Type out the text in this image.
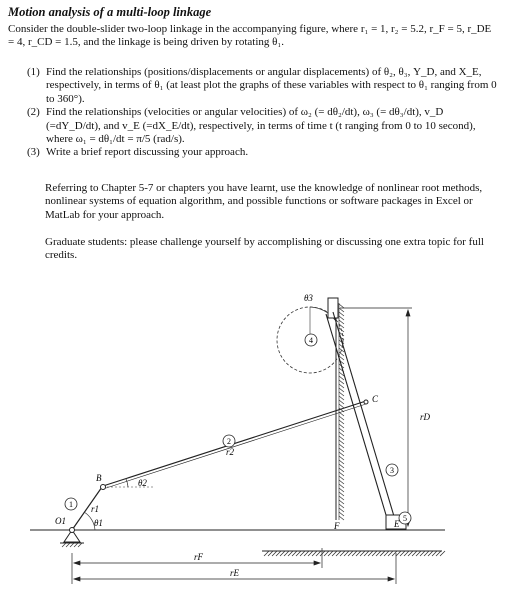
Motion analysis of a multi-loop linkage
Consider the double-slider two-loop linkage in the accompanying figure, where r₁ = 1, r₂ = 5.2, r_F = 5, r_DE = 4, r_CD = 1.5, and the linkage is being driven by rotating θ₁.
(1) Find the relationships (positions/displacements or angular displacements) of θ₂, θ₃, Y_D, and X_E, respectively, in terms of θ₁ (at least plot the graphs of these variables with respect to θ₁ ranging from 0 to 360°).
(2) Find the relationships (velocities or angular velocities) of ω₂ (= dθ₂/dt), ω₃ (= dθ₃/dt), v_D (=dY_D/dt), and v_E (=dX_E/dt), respectively, in terms of time t (t ranging from 0 to 10 second), where ω₁ = dθ₁/dt = π/5 (rad/s).
(3) Write a brief report discussing your approach.
Referring to Chapter 5-7 or chapters you have learnt, use the knowledge of nonlinear root methods, nonlinear systems of equation algorithm, and possible functions or software packages in Excel or MatLab for your approach.
Graduate students: please challenge yourself by accomplishing or discussing one extra topic for full credits.
1
2
3
4
5
θ3
C
rD
r2
B	θ2
r1
θ1
O1	F	E
rF
rE
